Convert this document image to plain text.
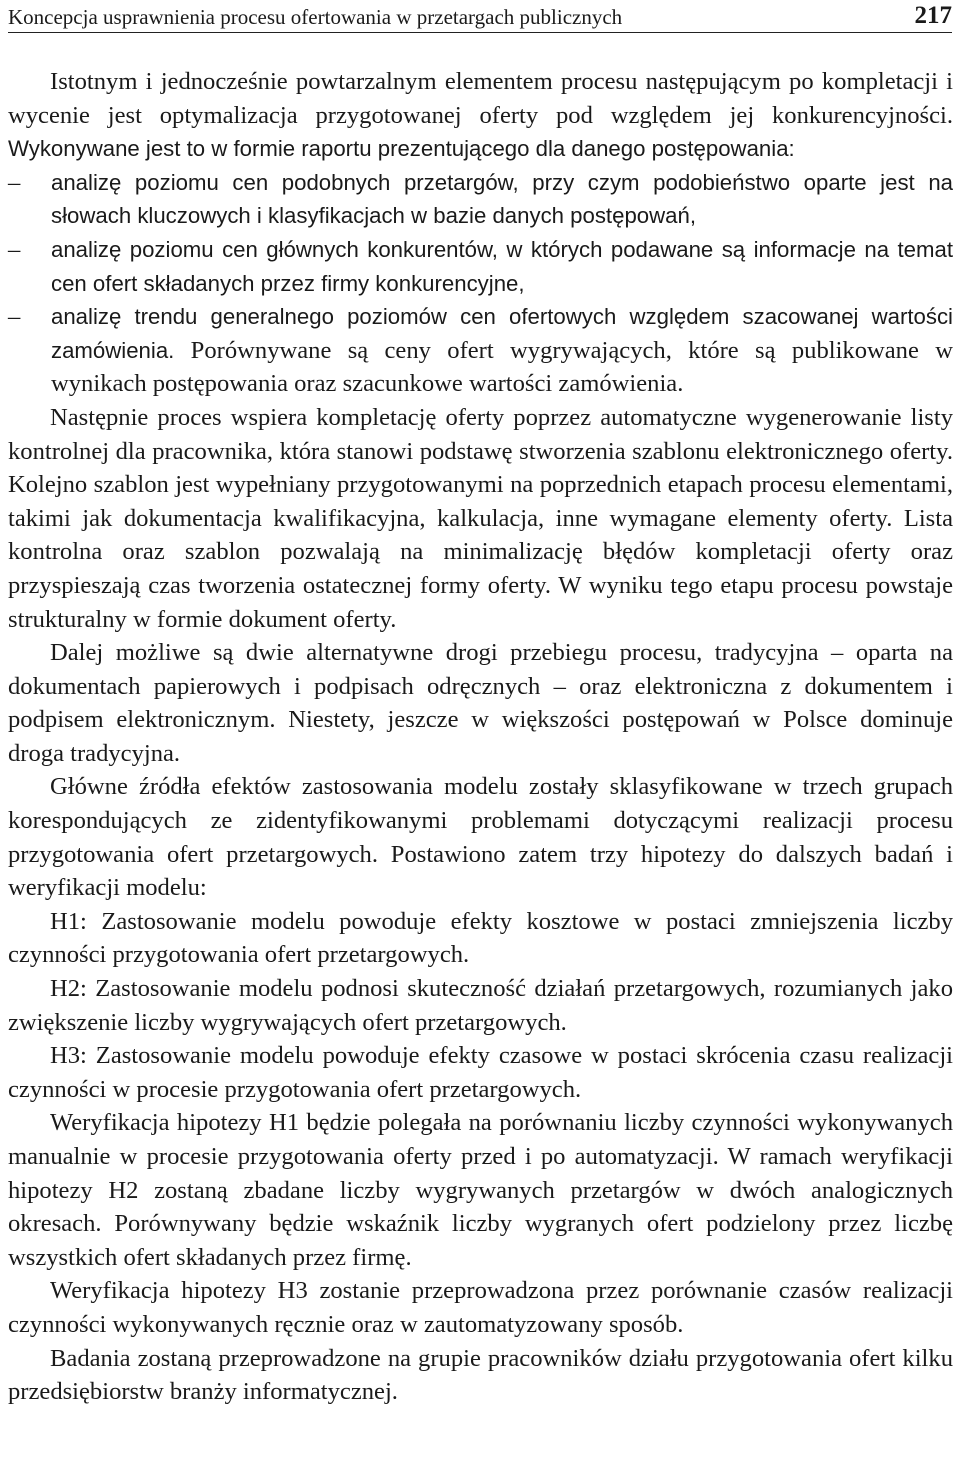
Koncepcja usprawnienia procesu ofertowania w przetargach publicznych	217

Istotnym i jednocześnie powtarzalnym elementem procesu następującym po kompletacji i wycenie jest optymalizacja przygotowanej oferty pod względem jej konkurencyjności. Wykonywane jest to w formie raportu prezentującego dla danego postępowania:

– analizę poziomu cen podobnych przetargów, przy czym podobieństwo oparte jest na słowach kluczowych i klasyfikacjach w bazie danych postępowań,
– analizę poziomu cen głównych konkurentów, w których podawane są informacje na temat cen ofert składanych przez firmy konkurencyjne,
– analizę trendu generalnego poziomów cen ofertowych względem szacowanej wartości zamówienia. Porównywane są ceny ofert wygrywających, które są publikowane w wynikach postępowania oraz szacunkowe wartości zamówienia.

Następnie proces wspiera kompletację oferty poprzez automatyczne wygenerowanie listy kontrolnej dla pracownika, która stanowi podstawę stworzenia szablonu elektronicznego oferty. Kolejno szablon jest wypełniany przygotowanymi na poprzednich etapach procesu elementami, takimi jak dokumentacja kwalifikacyjna, kalkulacja, inne wymagane elementy oferty. Lista kontrolna oraz szablon pozwalają na minimalizację błędów kompletacji oferty oraz przyspieszają czas tworzenia ostatecznej formy oferty. W wyniku tego etapu procesu powstaje strukturalny w formie dokument oferty.

Dalej możliwe są dwie alternatywne drogi przebiegu procesu, tradycyjna – oparta na dokumentach papierowych i podpisach odręcznych – oraz elektroniczna z dokumentem i podpisem elektronicznym. Niestety, jeszcze w większości postępowań w Polsce dominuje droga tradycyjna.

Główne źródła efektów zastosowania modelu zostały sklasyfikowane w trzech grupach korespondujących ze zidentyfikowanymi problemami dotyczącymi realizacji procesu przygotowania ofert przetargowych. Postawiono zatem trzy hipotezy do dalszych badań i weryfikacji modelu:

H1: Zastosowanie modelu powoduje efekty kosztowe w postaci zmniejszenia liczby czynności przygotowania ofert przetargowych.

H2: Zastosowanie modelu podnosi skuteczność działań przetargowych, rozumianych jako zwiększenie liczby wygrywających ofert przetargowych.

H3: Zastosowanie modelu powoduje efekty czasowe w postaci skrócenia czasu realizacji czynności w procesie przygotowania ofert przetargowych.

Weryfikacja hipotezy H1 będzie polegała na porównaniu liczby czynności wykonywanych manualnie w procesie przygotowania oferty przed i po automatyzacji. W ramach weryfikacji hipotezy H2 zostaną zbadane liczby wygrywanych przetargów w dwóch analogicznych okresach. Porównywany będzie wskaźnik liczby wygranych ofert podzielony przez liczbę wszystkich ofert składanych przez firmę.

Weryfikacja hipotezy H3 zostanie przeprowadzona przez porównanie czasów realizacji czynności wykonywanych ręcznie oraz w zautomatyzowany sposób.

Badania zostaną przeprowadzone na grupie pracowników działu przygotowania ofert kilku przedsiębiorstw branży informatycznej.
